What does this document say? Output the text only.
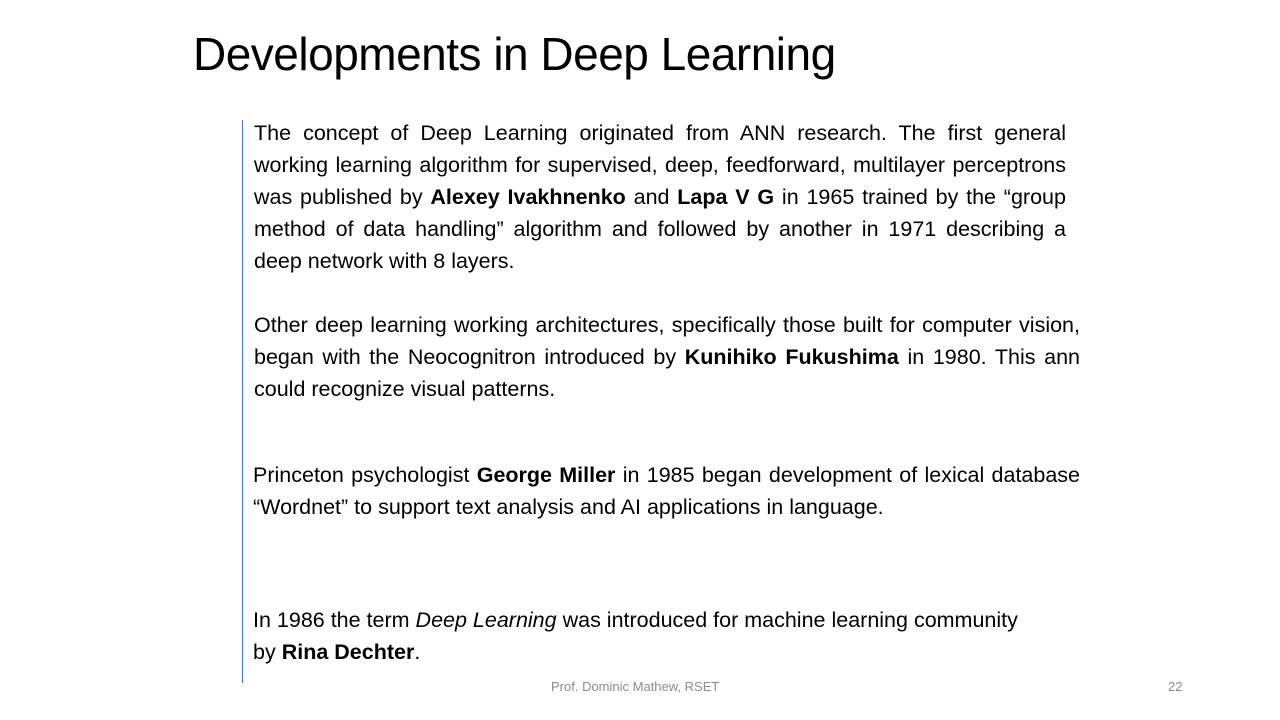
Developments in Deep Learning

The concept of Deep Learning originated from ANN research. The first general working learning algorithm for supervised, deep, feedforward, multilayer perceptrons was published by Alexey Ivakhnenko and Lapa V G in 1965 trained by the “group method of data handling” algorithm and followed by another in 1971 describing a deep network with 8 layers.

Other deep learning working architectures, specifically those built for computer vision, began with the Neocognitron introduced by Kunihiko Fukushima in 1980. This ann could recognize visual patterns.

Princeton psychologist George Miller in 1985 began development of lexical database “Wordnet” to support text analysis and AI applications in language.

In 1986 the term Deep Learning was introduced for machine learning community by Rina Dechter.

Prof. Dominic Mathew, RSET	22
